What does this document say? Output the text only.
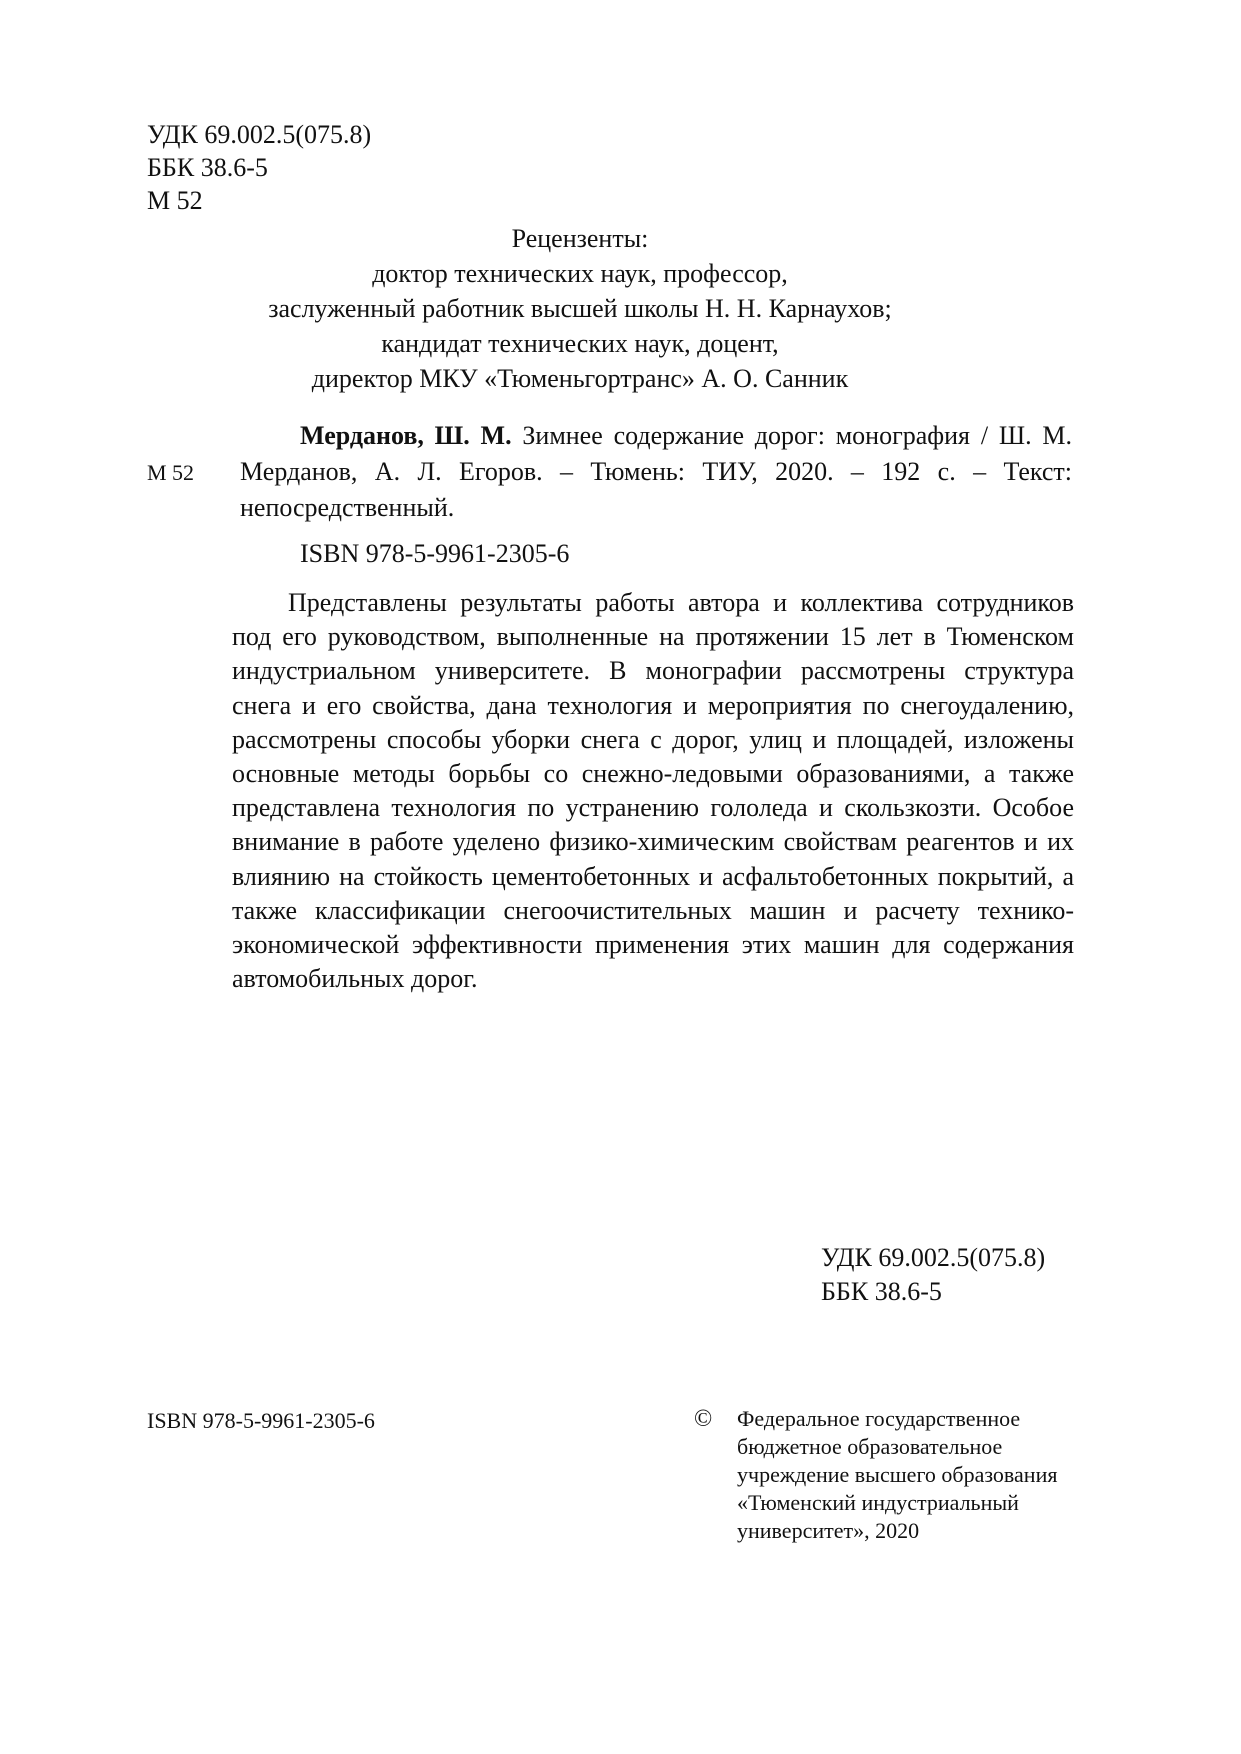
УДК 69.002.5(075.8)
ББК 38.6-5
М 52
Рецензенты:
доктор технических наук, профессор,
заслуженный работник высшей школы Н. Н. Карнаухов;
кандидат технических наук, доцент,
директор МКУ «Тюменьгортранс» А. О. Санник
М 52
Мерданов, Ш. М. Зимнее содержание дорог: монография / Ш. М. Мерданов, А. Л. Егоров. – Тюмень: ТИУ, 2020. – 192 с. – Текст: непосредственный.
ISBN 978-5-9961-2305-6
Представлены результаты работы автора и коллектива сотрудников под его руководством, выполненные на протяжении 15 лет в Тюменском индустриальном университете. В монографии рассмотрены структура снега и его свойства, дана технология и мероприятия по снегоудалению, рассмотрены способы уборки снега с дорог, улиц и площадей, изложены основные методы борьбы со снежно-ледовыми образованиями, а также представлена технология по устранению гололеда и скользкозти. Особое внимание в работе уделено физико-химическим свойствам реагентов и их влиянию на стойкость цементобетонных и асфальтобетонных покрытий, а также классификации снегоочистительных машин и расчету технико-экономической эффективности применения этих машин для содержания автомобильных дорог.
УДК 69.002.5(075.8)
ББК 38.6-5
ISBN 978-5-9961-2305-6	© Федеральное государственное
бюджетное образовательное
учреждение высшего образования
«Тюменский индустриальный
университет», 2020
